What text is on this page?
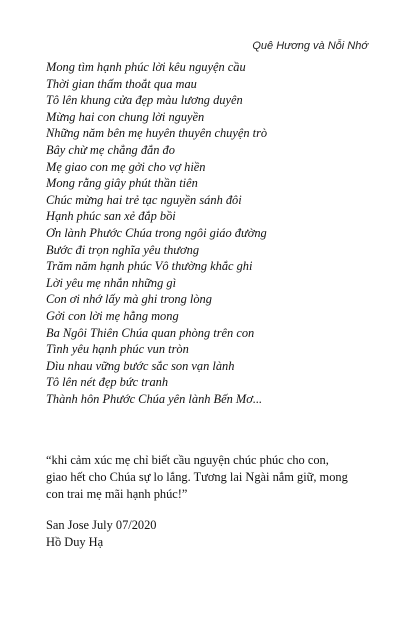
Quê Hương và Nỗi Nhớ
Mong tìm hạnh phúc lời kêu nguyện cầu
Thời gian thấm thoắt qua mau
Tô lên khung cửa đẹp màu lương duyên
Mừng hai con chung lời nguyền
Những năm bên mẹ huyên thuyên chuyện trò
Bây chừ mẹ chẳng đắn đo
Mẹ giao con mẹ gởi cho vợ hiền
Mong rằng giây phút thần tiên
Chúc mừng hai trẻ tạc nguyền sánh đôi
Hạnh phúc san xẻ đắp bồi
Ơn lành Phước Chúa trong ngôi giáo đường
Bước đi trọn nghĩa yêu thương
Trăm năm hạnh phúc Vô thường khắc ghi
Lời yêu mẹ nhắn những gì
Con ơi nhớ lấy mà ghi trong lòng
Gởi con lời mẹ hằng mong
Ba Ngôi Thiên Chúa quan phòng trên con
Tình yêu hạnh phúc vun tròn
Dìu nhau vững bước sắc son vạn lành
Tô lên nét đẹp bức tranh
Thành hôn Phước Chúa yên lành Bến Mơ...

“khi cảm xúc mẹ chỉ biết cầu nguyện chúc phúc cho con,
giao hết cho Chúa sự lo lắng. Tương lai Ngài nắm giữ, mong
con trai mẹ mãi hạnh phúc!”

San Jose July 07/2020
Hồ Duy Hạ
